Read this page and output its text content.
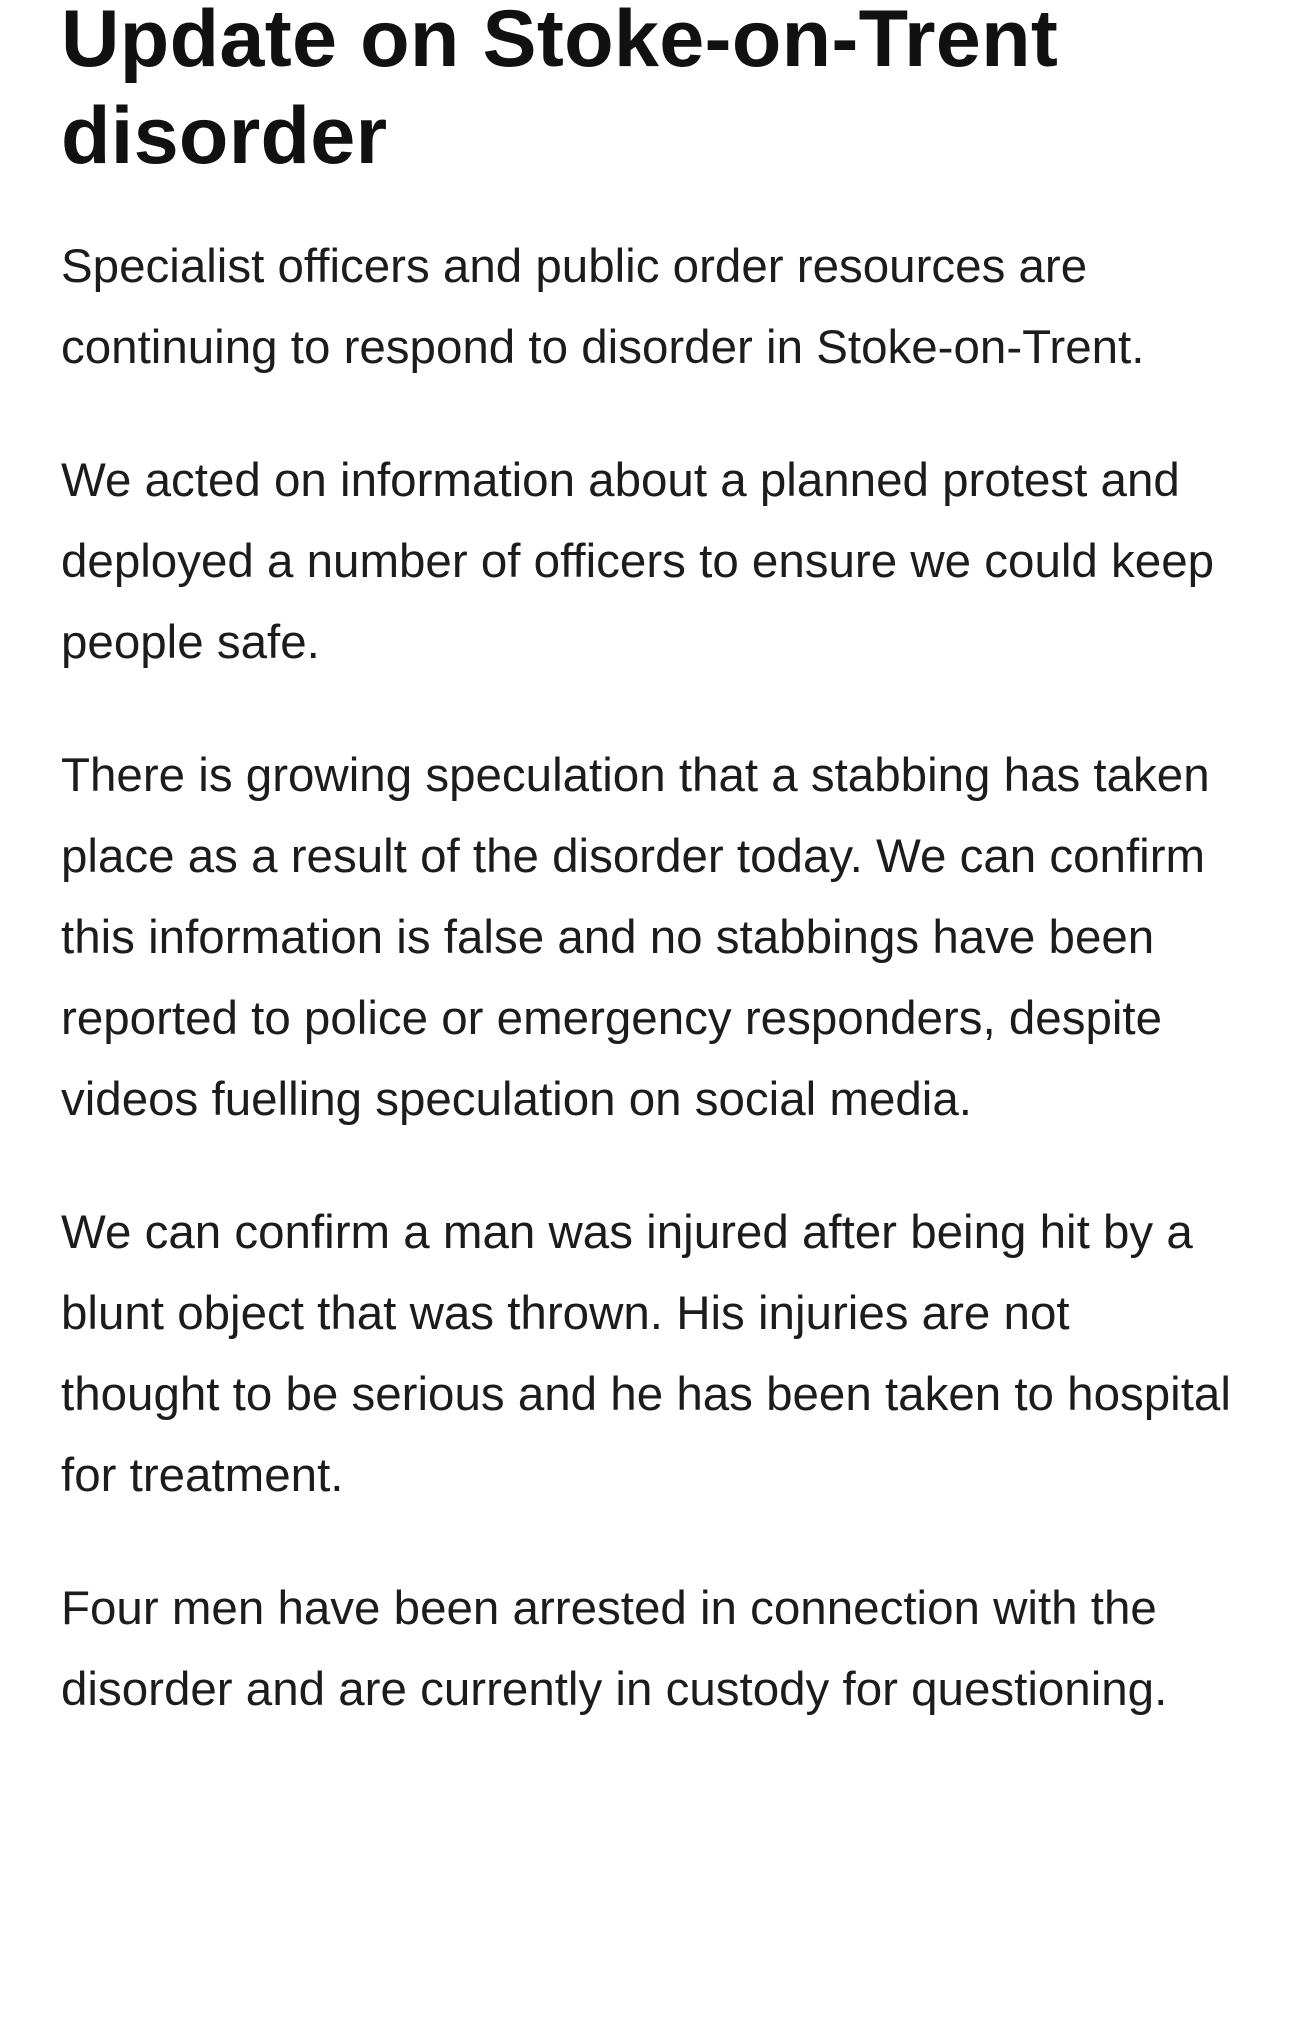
Update on Stoke-on-Trent disorder

Specialist officers and public order resources are continuing to respond to disorder in Stoke-on-Trent.

We acted on information about a planned protest and deployed a number of officers to ensure we could keep people safe.

There is growing speculation that a stabbing has taken place as a result of the disorder today. We can confirm this information is false and no stabbings have been reported to police or emergency responders, despite videos fuelling speculation on social media.

We can confirm a man was injured after being hit by a blunt object that was thrown. His injuries are not thought to be serious and he has been taken to hospital for treatment.

Four men have been arrested in connection with the disorder and are currently in custody for questioning.
